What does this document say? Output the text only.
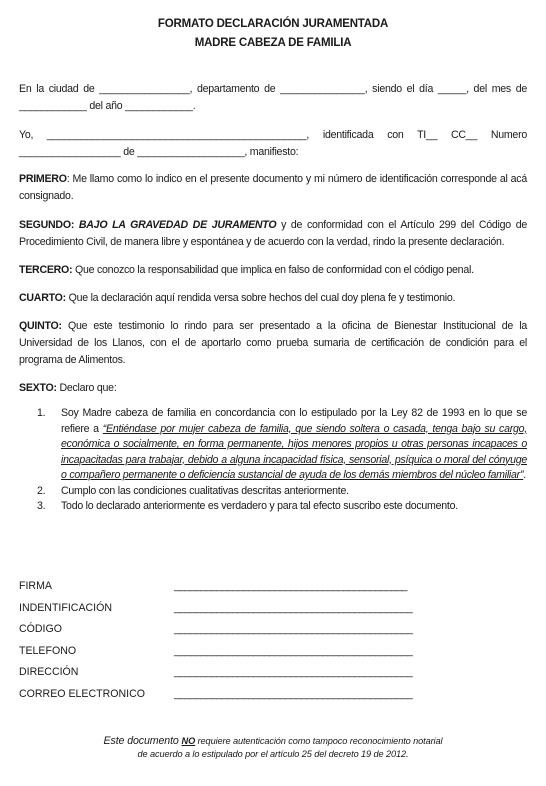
FORMATO DECLARACIÓN JURAMENTADA
MADRE CABEZA DE FAMILIA
En la ciudad de ________________, departamento de _______________, siendo el día _____, del mes de ____________ del año ____________.
Yo, ______________________________________________, identificada con TI__ CC__ Numero __________________ de ___________________, manifiesto:
PRIMERO: Me llamo como lo indico en el presente documento y mi número de identificación corresponde al acá consignado.
SEGUNDO: BAJO LA GRAVEDAD DE JURAMENTO y de conformidad con el Artículo 299 del Código de Procedimiento Civil, de manera libre y espontánea y de acuerdo con la verdad, rindo la presente declaración.
TERCERO: Que conozco la responsabilidad que implica en falso de conformidad con el código penal.
CUARTO: Que la declaración aquí rendida versa sobre hechos del cual doy plena fe y testimonio.
QUINTO: Que este testimonio lo rindo para ser presentado a la oficina de Bienestar Institucional de la Universidad de los Llanos, con el de aportarlo como prueba sumaria de certificación de condición para el programa de Alimentos.
SEXTO: Declaro que:
1. Soy Madre cabeza de familia en concordancia con lo estipulado por la Ley 82 de 1993 en lo que se refiere a “Entiéndase por mujer cabeza de familia, que siendo soltera o casada, tenga bajo su cargo, económica o socialmente, en forma permanente, hijos menores propios u otras personas incapaces o incapacitadas para trabajar, debido a alguna incapacidad física, sensorial, psíquica o moral del cónyuge o compañero permanente o deficiencia sustancial de ayuda de los demás miembros del núcleo familiar”.
2. Cumplo con las condiciones cualitativas descritas anteriormente.
3. Todo lo declarado anteriormente es verdadero y para tal efecto suscribo este documento.
FIRMA	____________________________________________
INDENTIFICACIÓN	_____________________________________________
CÓDIGO	_____________________________________________
TELEFONO	_____________________________________________
DIRECCIÓN	_____________________________________________
CORREO ELECTRONICO	_____________________________________________
Este documento NO requiere autenticación como tampoco reconocimiento notarial
de acuerdo a lo estipulado por el artículo 25 del decreto 19 de 2012.
